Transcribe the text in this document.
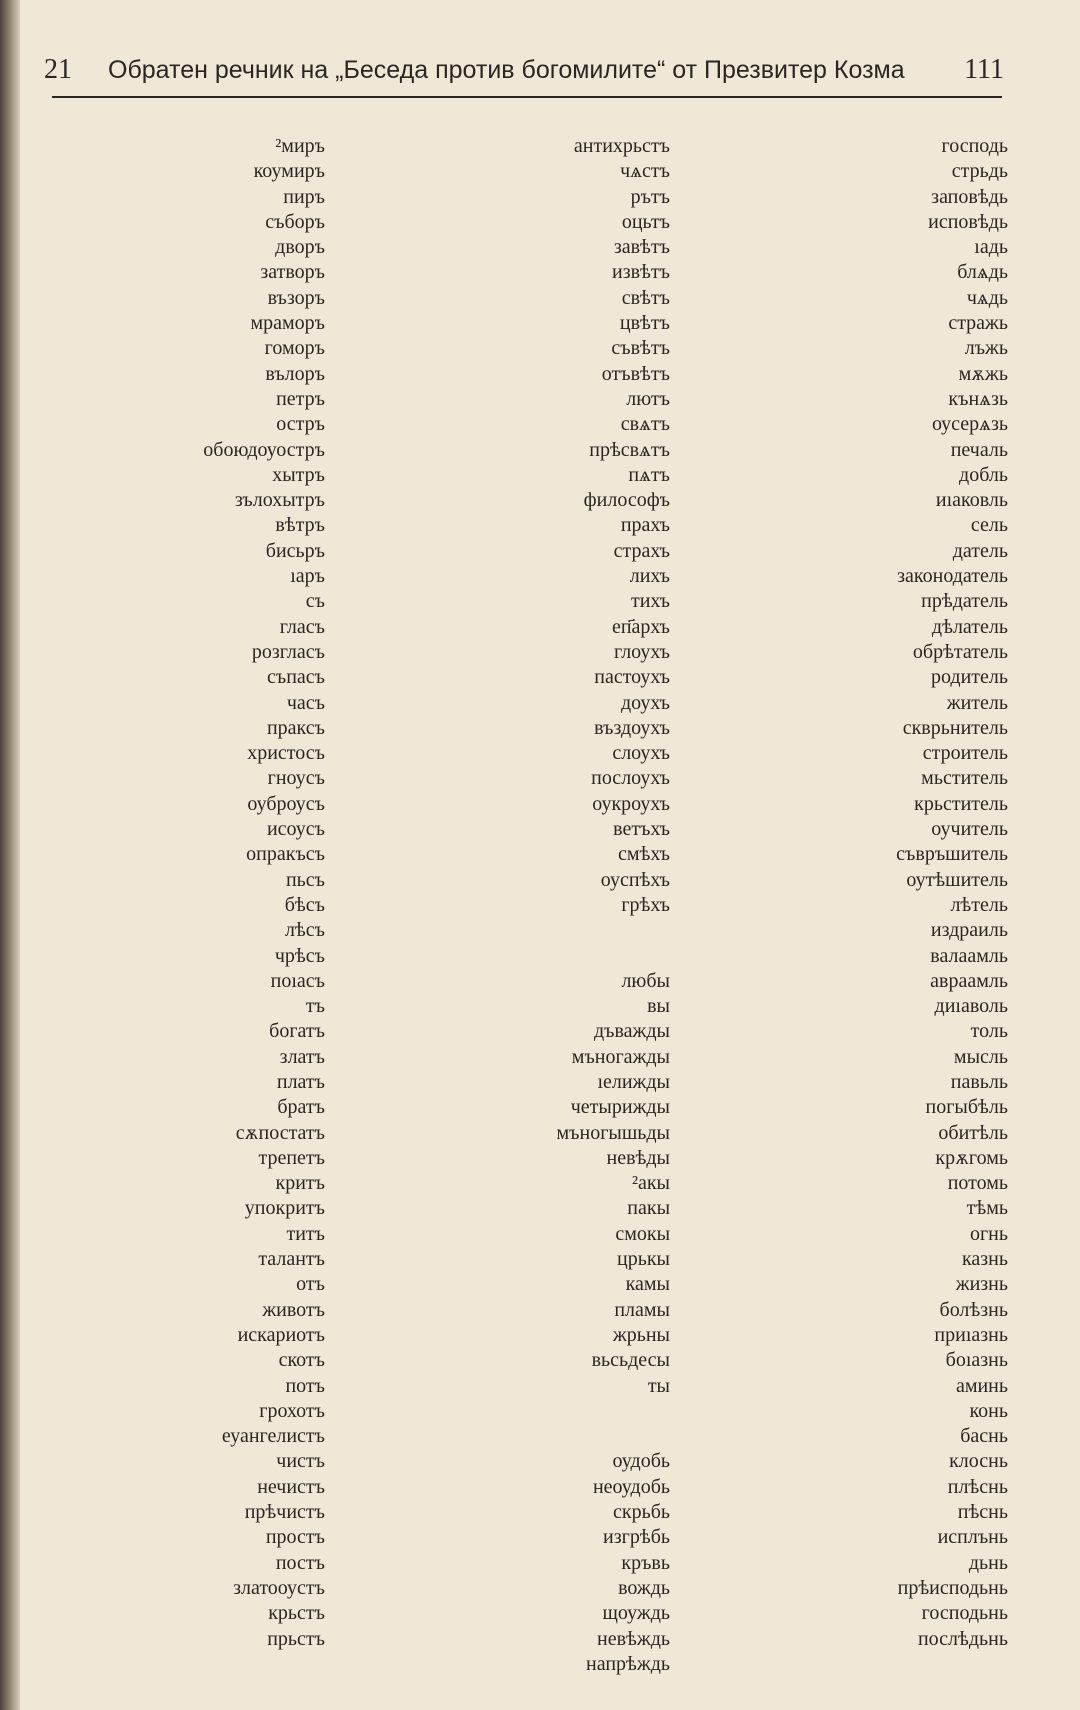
21 Обратен речник на „Беседа против богомилите“ от Презвитер Козма 111
²миръ
коумиръ
пиръ
съборъ
дворъ
затворъ
възоръ
мраморъ
гоморъ
вълоръ
петръ
остръ
обоюдоуостръ
хытръ
зълохытръ
вѣтръ
бисьръ
ıаръ
съ
гласъ
розгласъ
съпасъ
часъ
праксъ
христосъ
гноусъ
оуброусъ
исоусъ
опракъсъ
пьсъ
бѣсъ
лѣсъ
чрѣсъ
поıасъ
тъ
богатъ
златъ
платъ
братъ
сѫпостатъ
трепетъ
критъ
упокритъ
титъ
талантъ
отъ
животъ
искариотъ
скотъ
потъ
грохотъ
еуангелистъ
чистъ
нечистъ
прѣчистъ
простъ
постъ
златооустъ
крьстъ
прьстъ
антихрьстъ
чѧстъ
рътъ
оцьтъ
завѣтъ
извѣтъ
свѣтъ
цвѣтъ
съвѣтъ
отъвѣтъ
лютъ
свѧтъ
прѣсвѧтъ
пѧтъ
философъ
прахъ
страхъ
лихъ
тихъ
еп҃архъ
глоухъ
пастоухъ
доухъ
въздоухъ
слоухъ
послоухъ
оукроухъ
ветъхъ
смѣхъ
оуспѣхъ
грѣхъ
любы
вы
дъважды
мъногажды
ıелижды
четырижды
мъногышьды
невѣды
²акы
пакы
смокы
црькы
камы
пламы
жрьны
вьсьдесы
ты
оудобь
неоудобь
скрьбь
изгрѣбь
кръвь
вождь
щоуждь
невѣждь
напрѣждь
господь
стрьдь
заповѣдь
исповѣдь
ıадь
блѧдь
чѧдь
стражь
лъжь
мѫжь
кънѧзь
оусерѧзь
печаль
добль
иıаковль
сель
датель
законодатель
прѣдатель
дѣлатель
обрѣтатель
родитель
житель
скврьнитель
строитель
мьститель
крьститель
оучитель
съвръшитель
оутѣшитель
лѣтель
издраиль
валаамль
авраамль
диıаволь
толь
мысль
павьль
погыбѣль
обитѣль
крѫгомь
потомь
тѣмь
огнь
казнь
жизнь
болѣзнь
приıазнь
боıазнь
аминь
конь
баснь
клоснь
плѣснь
пѣснь
исплънь
дьнь
прѣисподьнь
господьнь
послѣдьнь
